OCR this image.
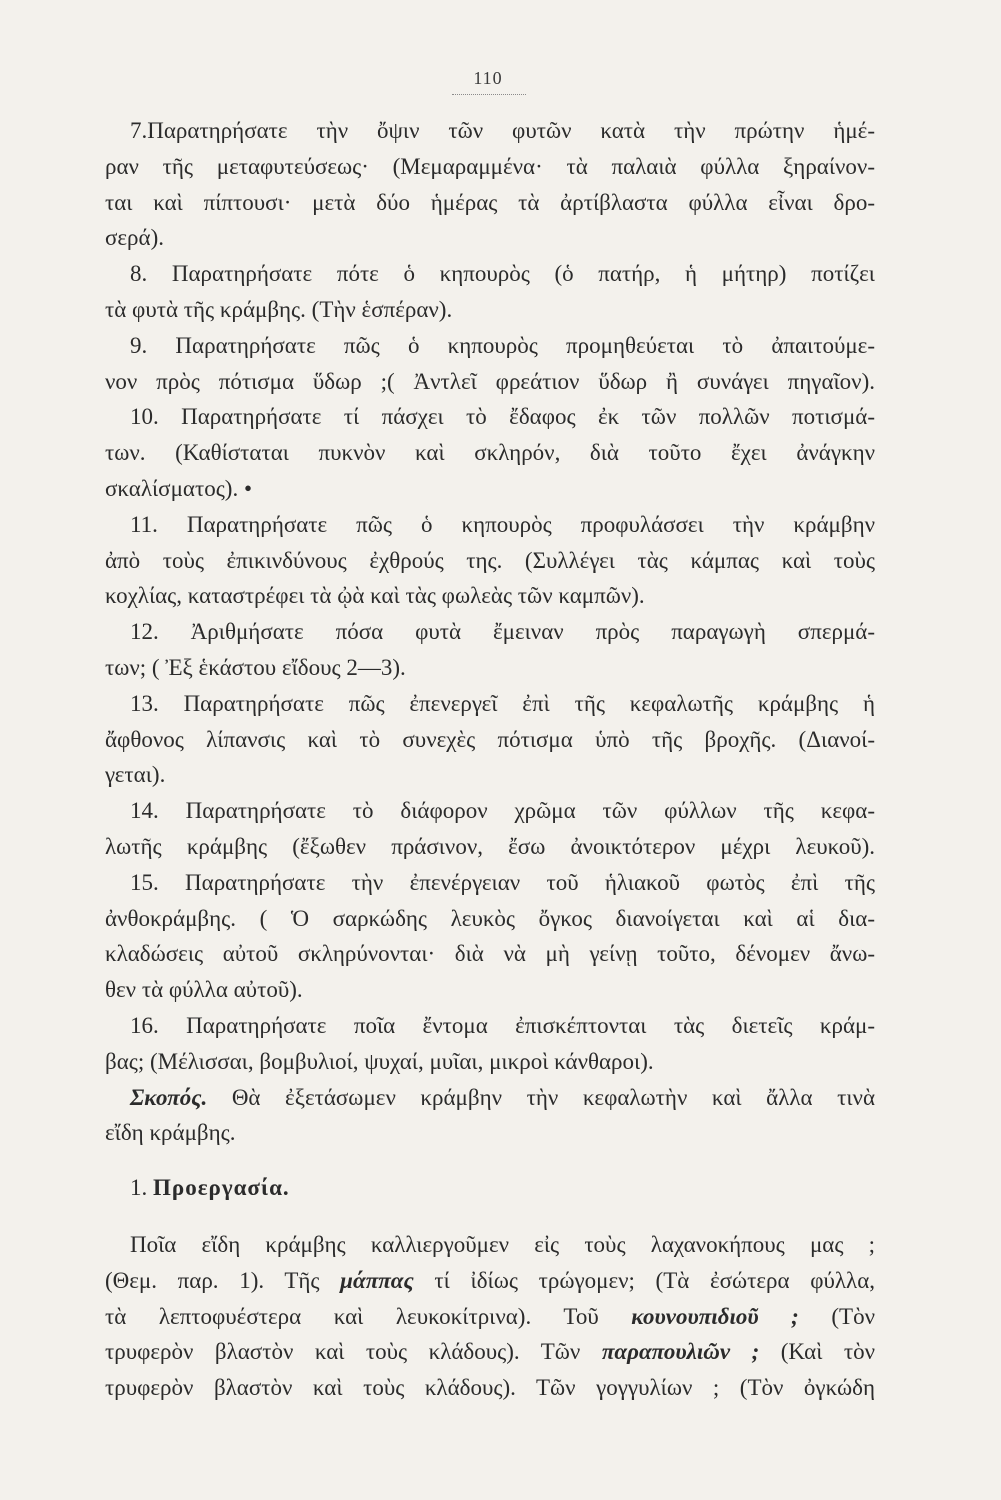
110
7.Παρατηρήσατε τὴν ὄψιν τῶν φυτῶν κατὰ τὴν πρώτην ἡμέ-
ραν τῆς μεταφυτεύσεως· (Μεμαραμμένα· τὰ παλαιὰ φύλλα ξηραίνον-
ται καὶ πίπτουσι· μετὰ δύο ἡμέρας τὰ ἀρτίβλαστα φύλλα εἶναι δρο-
σερά).
8. Παρατηρήσατε πότε ὁ κηπουρὸς (ὁ πατήρ, ἡ μήτηρ) ποτίζει
τὰ φυτὰ τῆς κράμβης. (Τὴν ἑσπέραν).
9. Παρατηρήσατε πῶς ὁ κηπουρὸς προμηθεύεται τὸ ἀπαιτούμε-
νον πρὸς πότισμα ὕδωρ ;( Ἀντλεῖ φρεάτιον ὕδωρ ἢ συνάγει πηγαῖον).
10. Παρατηρήσατε τί πάσχει τὸ ἔδαφος ἐκ τῶν πολλῶν ποτισμά-
των. (Καθίσταται πυκνὸν καὶ σκληρόν, διὰ τοῦτο ἔχει ἀνάγκην
σκαλίσματος). •
11. Παρατηρήσατε πῶς ὁ κηπουρὸς προφυλάσσει τὴν κράμβην
ἀπὸ τοὺς ἐπικινδύνους ἐχθρούς της. (Συλλέγει τὰς κάμπας καὶ τοὺς
κοχλίας, καταστρέφει τὰ ᾠὰ καὶ τὰς φωλεὰς τῶν καμπῶν).
12. Ἀριθμήσατε πόσα φυτὰ ἔμειναν πρὸς παραγωγὴ σπερμά-
των; ( Ἐξ ἑκάστου εἴδους 2—3).
13. Παρατηρήσατε πῶς ἐπενεργεῖ ἐπὶ τῆς κεφαλωτῆς κράμβης ἡ
ἄφθονος λίπανσις καὶ τὸ συνεχὲς πότισμα ὑπὸ τῆς βροχῆς. (Διανοί-
γεται).
14. Παρατηρήσατε τὸ διάφορον χρῶμα τῶν φύλλων τῆς κεφα-
λωτῆς κράμβης (ἔξωθεν πράσινον, ἔσω ἀνοικτότερον μέχρι λευκοῦ).
15. Παρατηρήσατε τὴν ἐπενέργειαν τοῦ ἡλιακοῦ φωτὸς ἐπὶ τῆς
ἀνθοκράμβης. ( Ὁ σαρκώδης λευκὸς ὄγκος διανοίγεται καὶ αἱ δια-
κλαδώσεις αὐτοῦ σκληρύνονται· διὰ νὰ μὴ γείνῃ τοῦτο, δένομεν ἄνω-
θεν τὰ φύλλα αὐτοῦ).
16. Παρατηρήσατε ποῖα ἔντομα ἐπισκέπτονται τὰς διετεῖς κράμ-
βας; (Μέλισσαι, βομβυλιοί, ψυχαί, μυῖαι, μικροὶ κάνθαροι).
Σκοπός. Θὰ ἐξετάσωμεν κράμβην τὴν κεφαλωτὴν καὶ ἄλλα τινὰ
εἴδη κράμβης.
1. Προεργασία.
Ποῖα εἴδη κράμβης καλλιεργοῦμεν εἰς τοὺς λαχανοκήπους μας ;
(Θεμ. παρ. 1). Τῆς μάππας τί ἰδίως τρώγομεν; (Τὰ ἐσώτερα φύλλα,
τὰ λεπτοφυέστερα καὶ λευκοκίτρινα). Τοῦ κουνουπιδιοῦ ; (Τὸν
τρυφερὸν βλαστὸν καὶ τοὺς κλάδους). Τῶν παραπουλιῶν ; (Καὶ τὸν
τρυφερὸν βλαστὸν καὶ τοὺς κλάδους). Τῶν γογγυλίων ; (Τὸν ὀγκώδη
